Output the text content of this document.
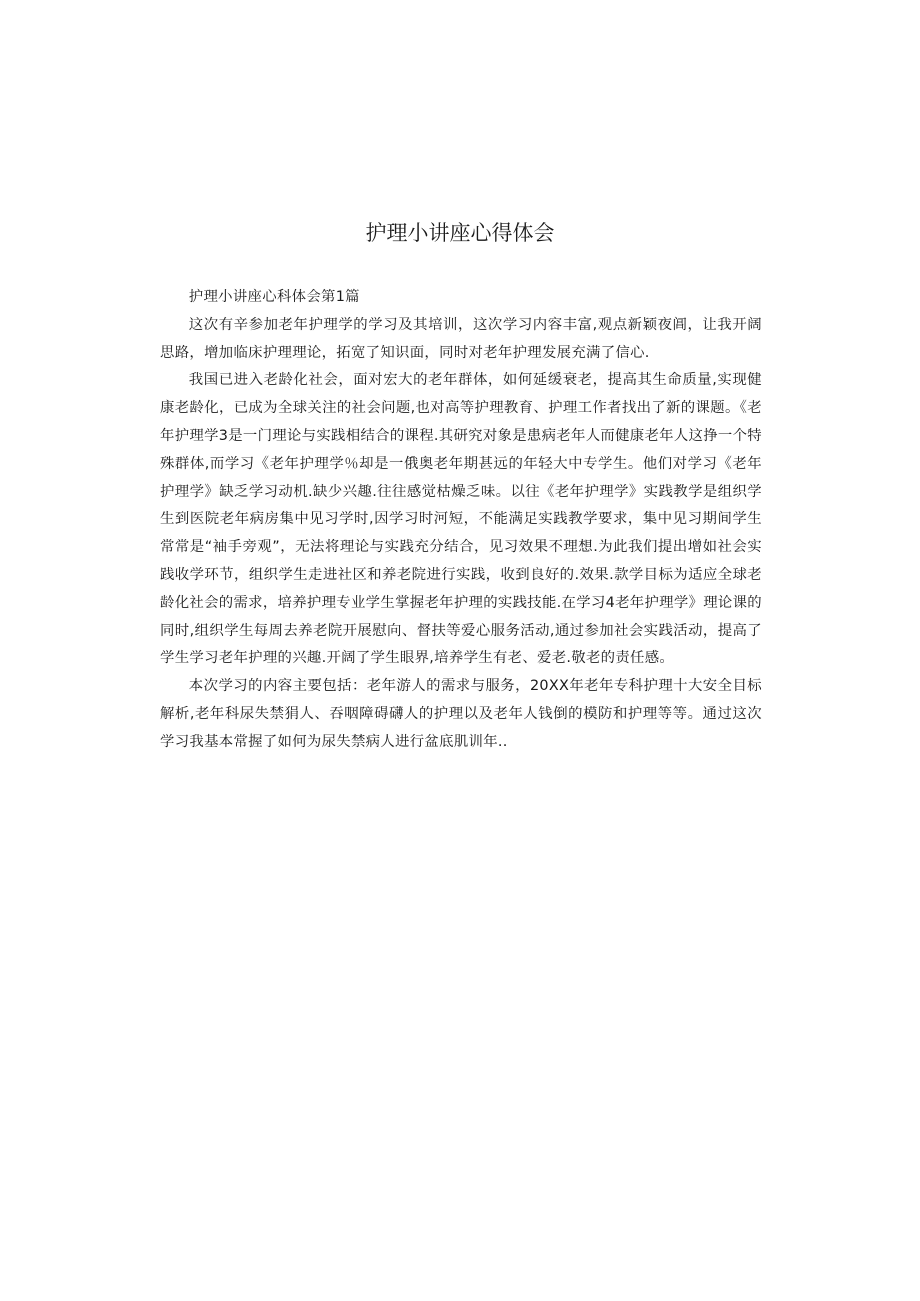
护理小讲座心得体会

护理小讲座心科体会第1篇

这次有辛参加老年护理学的学习及其培训，这次学习内容丰富,观点新颖夜阊，让我开阔思路，增加临床护理理论，拓宽了知识面，同时对老年护理发展充满了信心.

我国已进入老龄化社会，面对宏大的老年群体，如何延缓衰老，提高其生命质量,实现健康老龄化，已成为全球关注的社会问题,也对高等护理教育、护理工作者找出了新的课题。《老年护理学3是一门理论与实践相结合的课程.其研究对象是患病老年人而健康老年人这挣一个特殊群体,而学习《老年护理学％却是一俄奥老年期甚远的年轻大中专学生。他们对学习《老年护理学》缺乏学习动机.缺少兴趣.往往感觉枯燥乏味。以往《老年护理学》实践教学是组织学生到医院老年病房集中见习学时,因学习时河短，不能满足实践教学要求，集中见习期间学生常常是“袖手旁观”，无法将理论与实践充分结合，见习效果不理想.为此我们提出增如社会实践收学环节，组织学生走进社区和养老院进行实践，收到良好的.效果.款学目标为适应全球老龄化社会的需求，培养护理专业学生掌握老年护理的实践技能.在学习4老年护理学》理论课的同时,组织学生每周去养老院开展慰向、督扶等爱心服务活动,通过参加社会实践活动，提高了学生学习老年护理的兴趣.开阔了学生眼界,培养学生有老、爱老.敬老的责任感。

本次学习的内容主要包括：老年游人的需求与服务，20XX年老年专科护理十大安全目标解析,老年科尿失禁狷人、吞咽障碍礴人的护理以及老年人钱倒的模防和护理等等。通过这次学习我基本常握了如何为尿失禁病人进行盆底肌训年..
